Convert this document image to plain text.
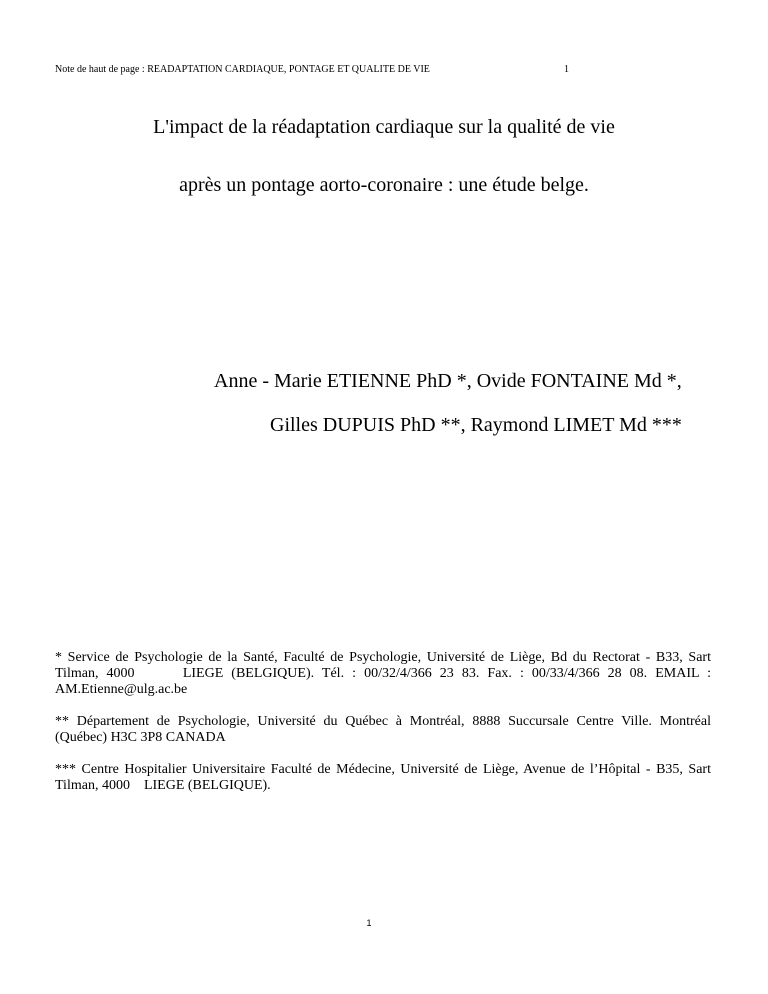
Note de haut de page : READAPTATION CARDIAQUE, PONTAGE ET QUALITE DE VIE	1
L'impact de la réadaptation cardiaque sur la qualité de vie
après un pontage aorto-coronaire : une étude belge.
Anne - Marie ETIENNE PhD *, Ovide FONTAINE Md *,
Gilles DUPUIS PhD **, Raymond LIMET Md ***
* Service de Psychologie de la Santé, Faculté de Psychologie, Université de Liège, Bd du Rectorat - B33, Sart Tilman, 4000      LIEGE (BELGIQUE). Tél. : 00/32/4/366 23 83. Fax. : 00/33/4/366 28 08. EMAIL : AM.Etienne@ulg.ac.be
** Département de Psychologie, Université du Québec à Montréal, 8888 Succursale Centre Ville. Montréal (Québec) H3C 3P8 CANADA
*** Centre Hospitalier Universitaire Faculté de Médecine, Université de Liège, Avenue de l’Hôpital - B35, Sart Tilman, 4000    LIEGE (BELGIQUE).
1
